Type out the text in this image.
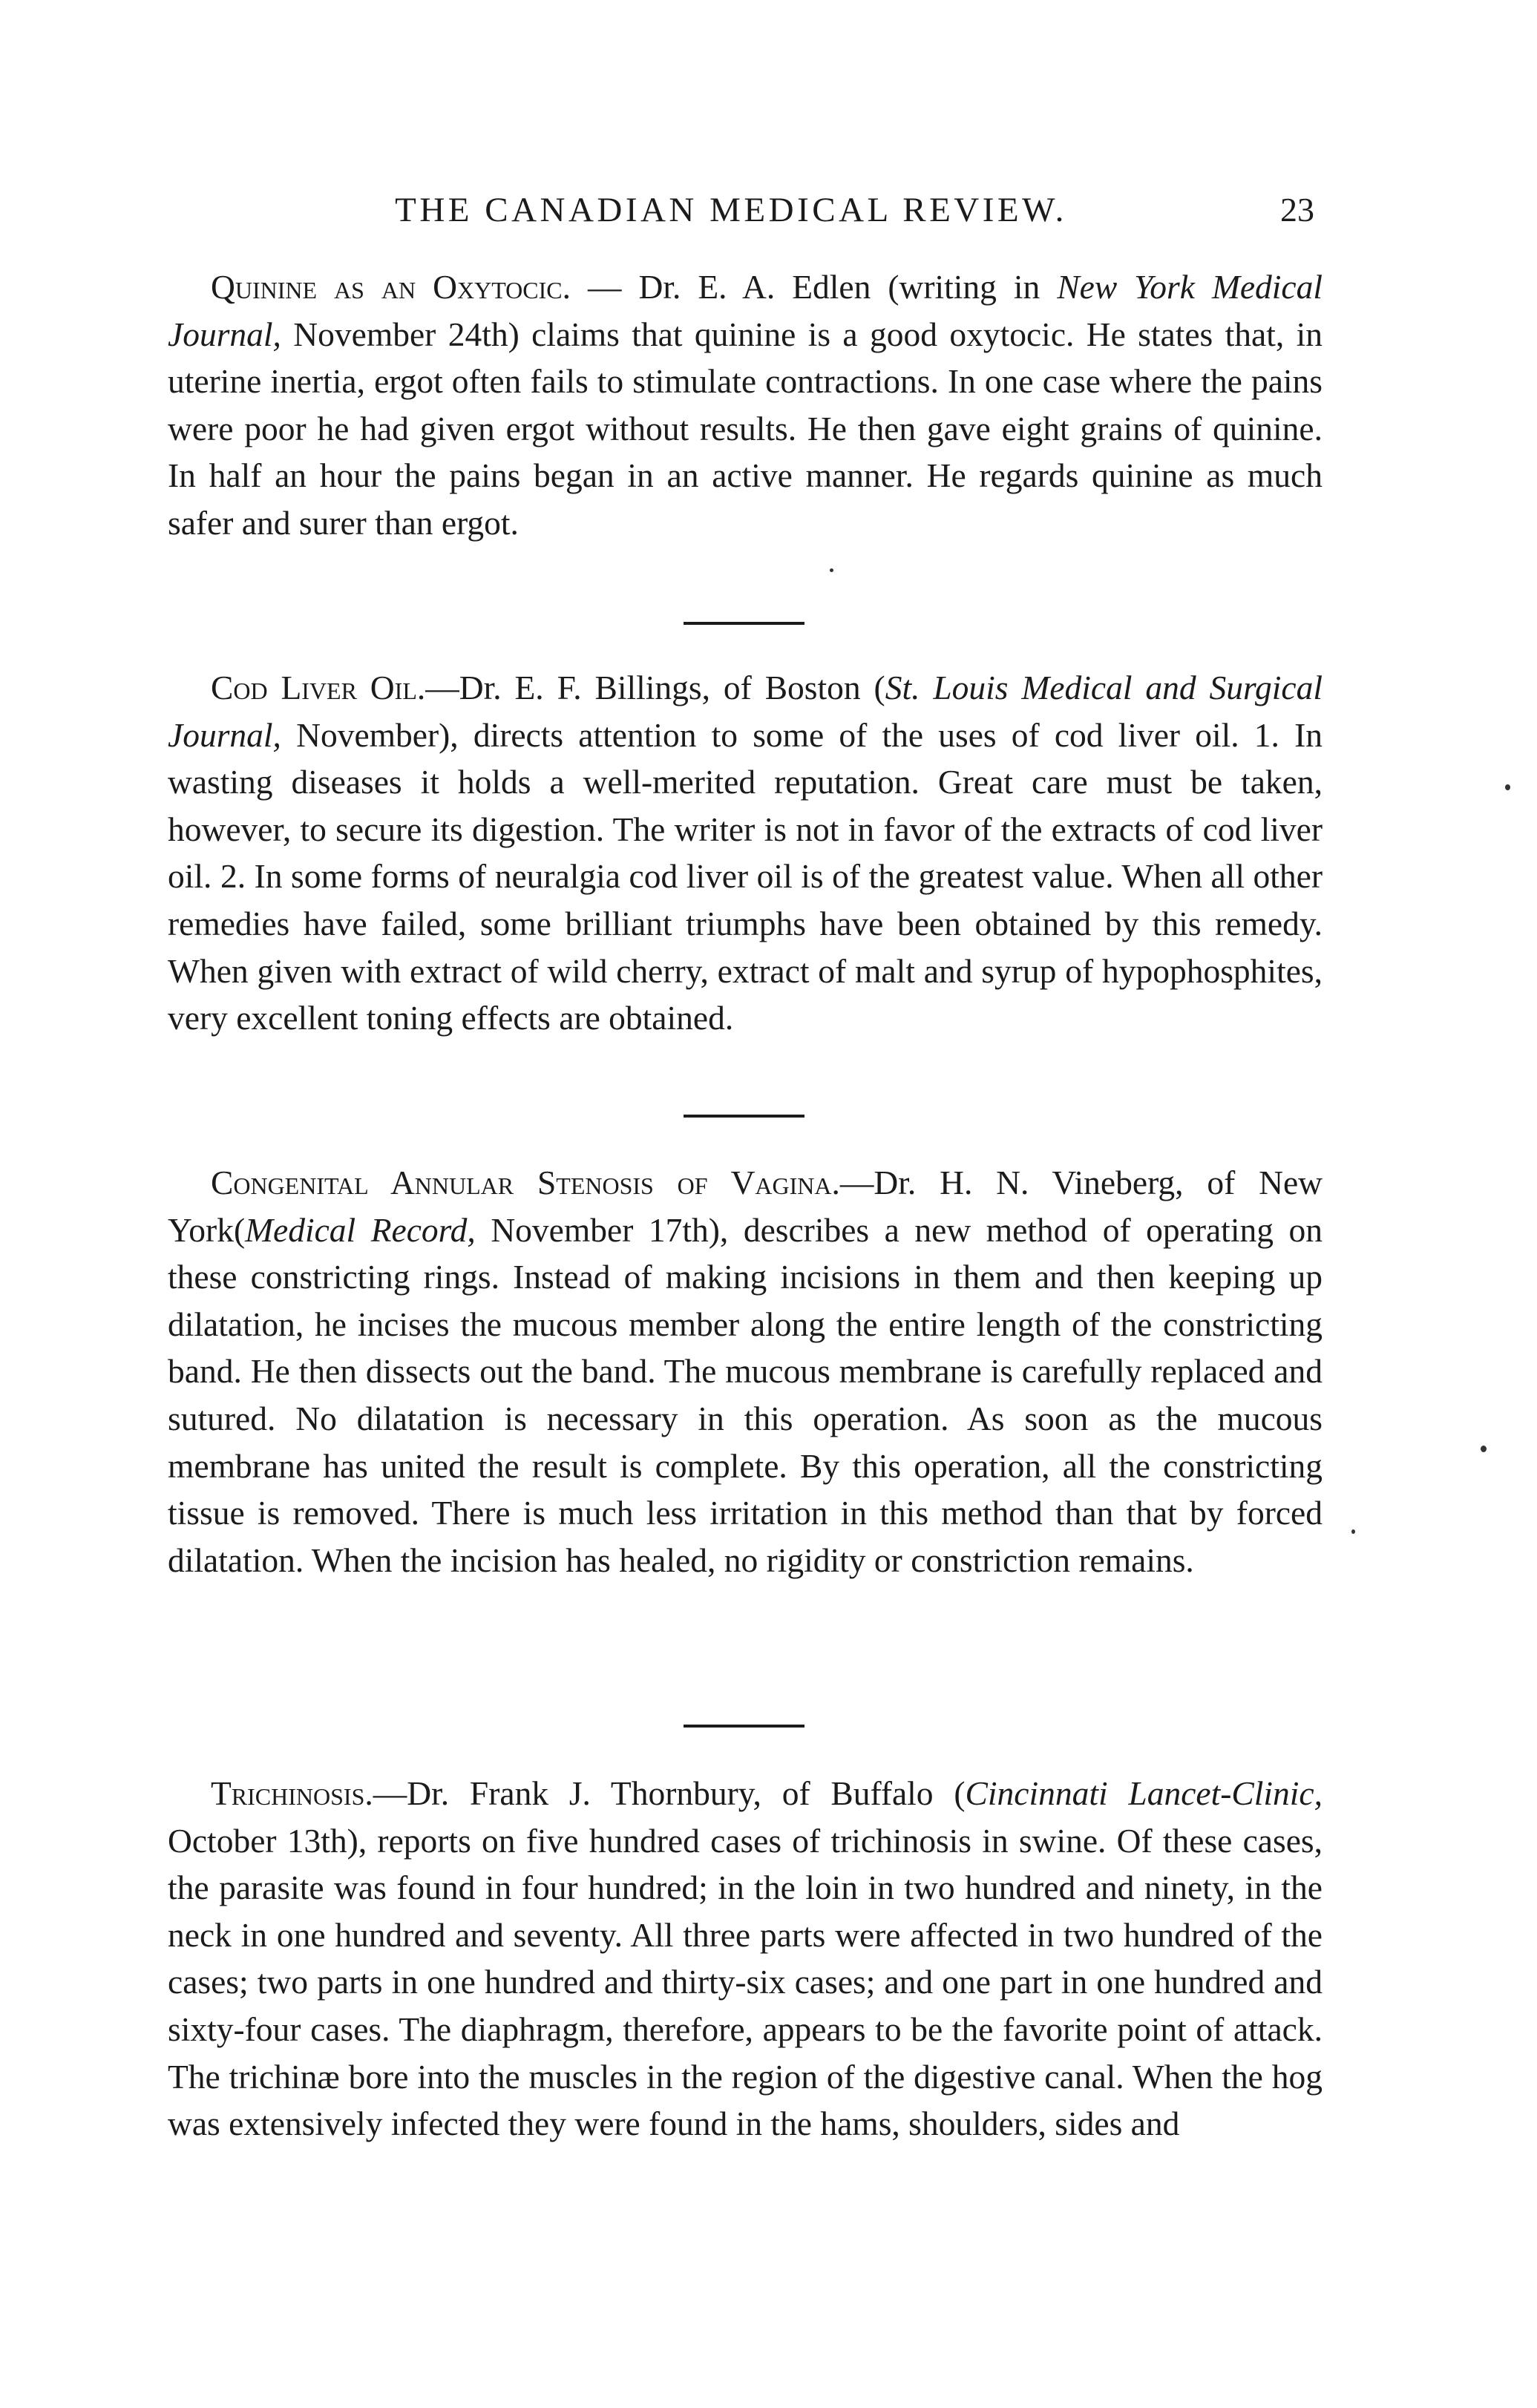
THE CANADIAN MEDICAL REVIEW.	23

Quinine as an Oxytocic. — Dr. E. A. Edlen (writing in New York Medical Journal, November 24th) claims that quinine is a good oxytocic. He states that, in uterine inertia, ergot often fails to stimulate contractions. In one case where the pains were poor he had given ergot without results. He then gave eight grains of quinine. In half an hour the pains began in an active manner. He regards quinine as much safer and surer than ergot.

Cod Liver Oil.—Dr. E. F. Billings, of Boston (St. Louis Medical and Surgical Journal, November), directs attention to some of the uses of cod liver oil. 1. In wasting diseases it holds a well-merited reputation. Great care must be taken, however, to secure its digestion. The writer is not in favor of the extracts of cod liver oil. 2. In some forms of neuralgia cod liver oil is of the greatest value. When all other remedies have failed, some brilliant triumphs have been obtained by this remedy. When given with extract of wild cherry, extract of malt and syrup of hypophosphites, very excellent toning effects are obtained.

Congenital Annular Stenosis of Vagina.—Dr. H. N. Vineberg, of New York(Medical Record, November 17th), describes a new method of operating on these constricting rings. Instead of making incisions in them and then keeping up dilatation, he incises the mucous member along the entire length of the constricting band. He then dissects out the band. The mucous membrane is carefully replaced and sutured. No dilatation is necessary in this operation. As soon as the mucous membrane has united the result is complete. By this operation, all the constricting tissue is removed. There is much less irritation in this method than that by forced dilatation. When the incision has healed, no rigidity or constriction remains.

Trichinosis.—Dr. Frank J. Thornbury, of Buffalo (Cincinnati Lancet-Clinic, October 13th), reports on five hundred cases of trichinosis in swine. Of these cases, the parasite was found in four hundred; in the loin in two hundred and ninety, in the neck in one hundred and seventy. All three parts were affected in two hundred of the cases; two parts in one hundred and thirty-six cases; and one part in one hundred and sixty-four cases. The diaphragm, therefore, appears to be the favorite point of attack. The trichinæ bore into the muscles in the region of the digestive canal. When the hog was extensively infected they were found in the hams, shoulders, sides and
